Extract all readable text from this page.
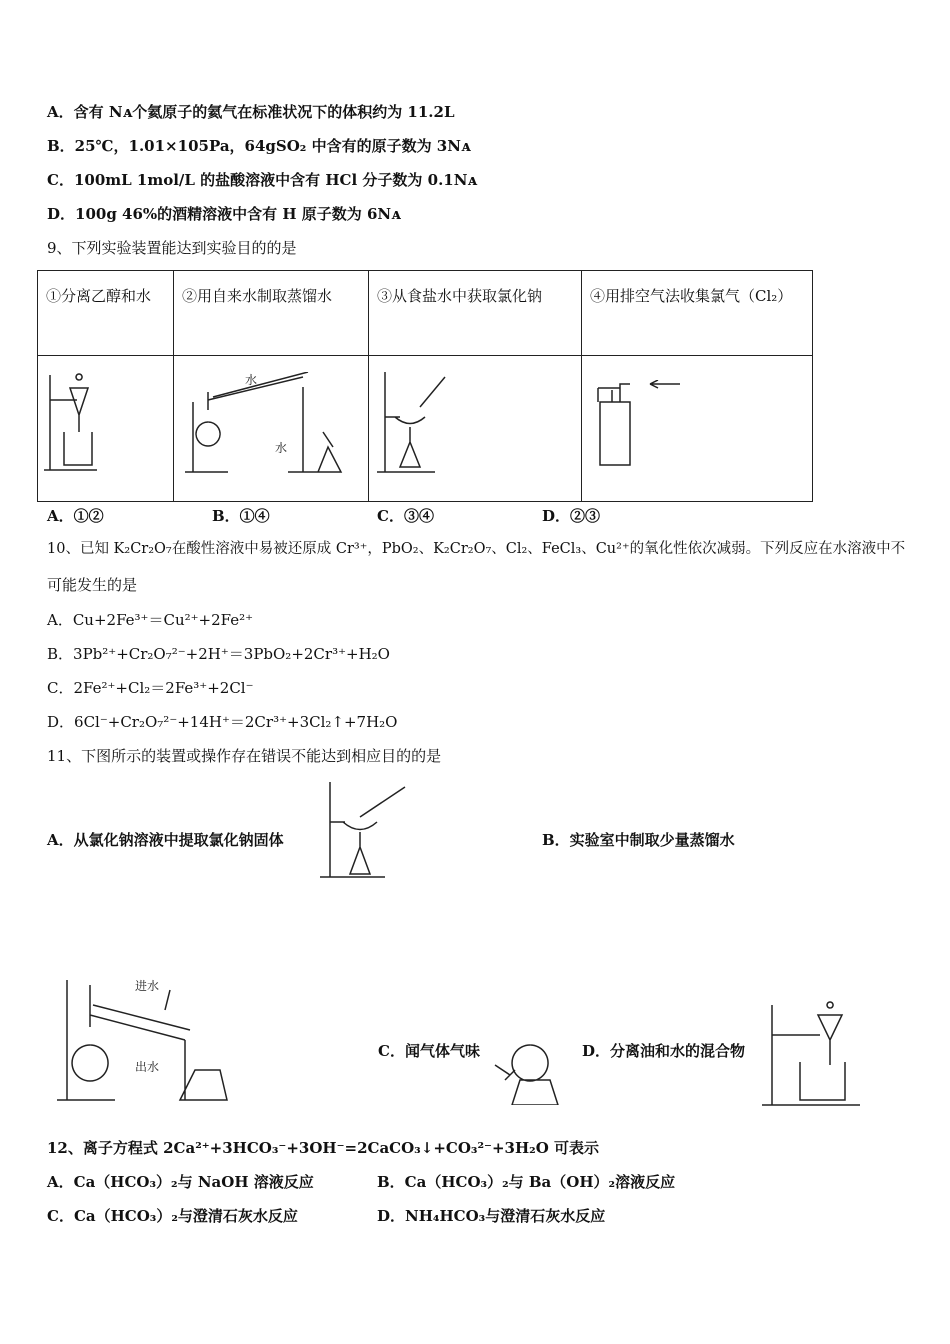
A．含有 Nᴀ个氦原子的氦气在标准状况下的体积约为 11.2L
B．25℃，1.01×105Pa，64gSO₂ 中含有的原子数为 3Nᴀ
C．100mL 1mol/L 的盐酸溶液中含有 HCl 分子数为 0.1Nᴀ
D．100g 46%的酒精溶液中含有 H 原子数为 6Nᴀ
9、下列实验装置能达到实验目的的是
①分离乙醇和水	②用自来水制取蒸馏水	③从食盐水中获取氯化钠	④用排空气法收集氯气（Cl₂）

水
水
A．①②	B．①④	C．③④	D．②③
10、已知 K₂Cr₂O₇在酸性溶液中易被还原成 Cr³⁺，PbO₂、K₂Cr₂O₇、Cl₂、FeCl₃、Cu²⁺的氧化性依次减弱。下列反应在水溶液中不
可能发生的是
A．Cu+2Fe³⁺＝Cu²⁺+2Fe²⁺
B．3Pb²⁺+Cr₂O₇²⁻+2H⁺＝3PbO₂+2Cr³⁺+H₂O
C．2Fe²⁺+Cl₂＝2Fe³⁺+2Cl⁻
D．6Cl⁻+Cr₂O₇²⁻+14H⁺＝2Cr³⁺+3Cl₂↑+7H₂O
11、下图所示的装置或操作存在错误不能达到相应目的的是
A．从氯化钠溶液中提取氯化钠固体	B．实验室中制取少量蒸馏水
进水
出水
C．闻气体气味	D．分离油和水的混合物
12、离子方程式 2Ca²⁺+3HCO₃⁻+3OH⁻=2CaCO₃↓+CO₃²⁻+3H₂O 可表示
A．Ca（HCO₃）₂与 NaOH 溶液反应	B．Ca（HCO₃）₂与 Ba（OH）₂溶液反应
C．Ca（HCO₃）₂与澄清石灰水反应	D．NH₄HCO₃与澄清石灰水反应
